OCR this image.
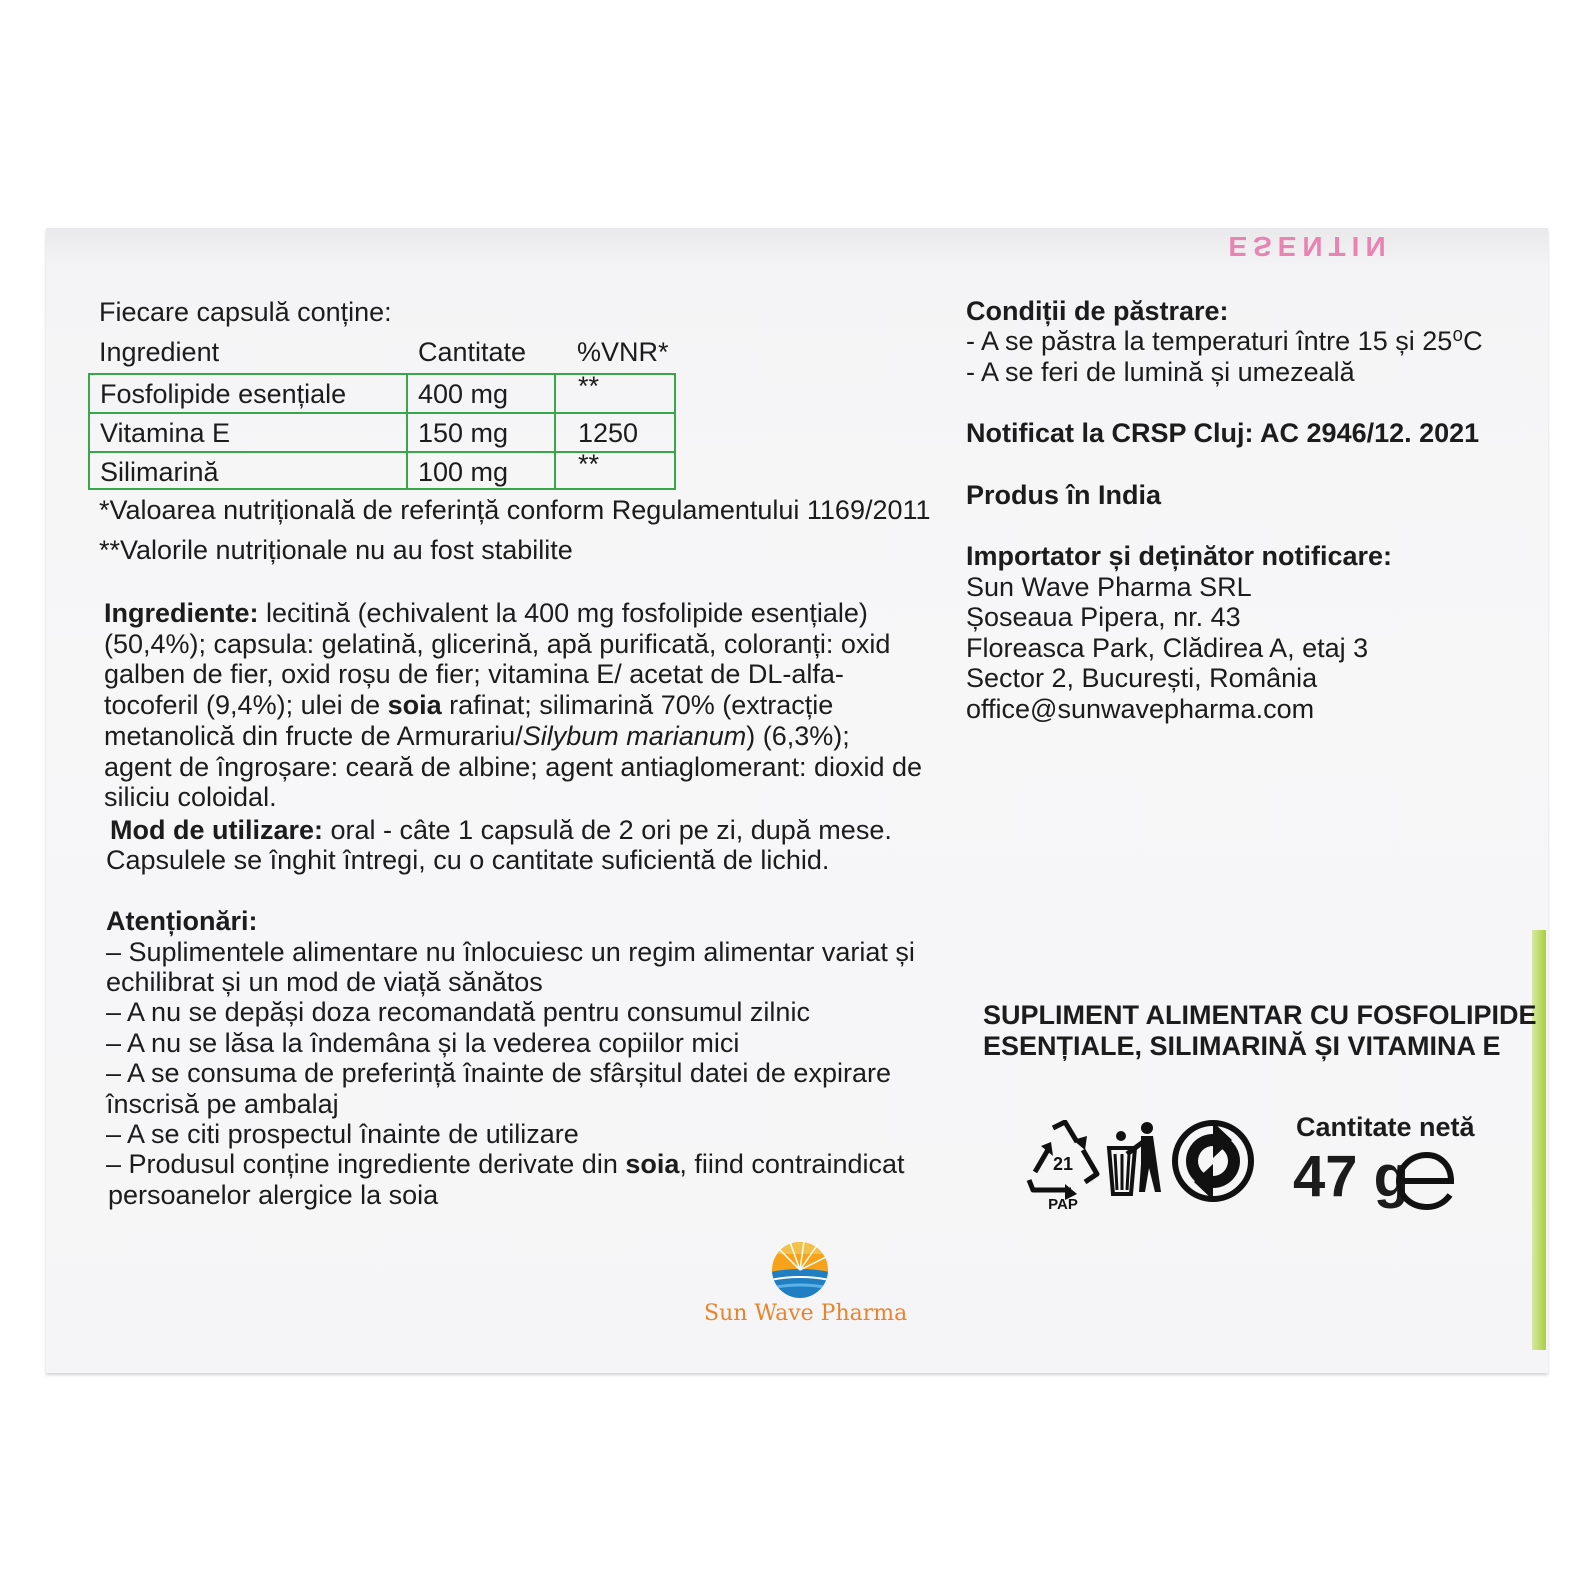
ESENTIN
Fiecare capsulă conține:
Ingredient	Cantitate %VNR*
Fosfolipide esențiale	400 mg	**
Vitamina E	150 mg	1250
Silimarină	100 mg	**
*Valoarea nutrițională de referință conform Regulamentului 1169/2011
**Valorile nutriționale nu au fost stabilite
Ingrediente: lecitină (echivalent la 400 mg fosfolipide esențiale) (50,4%); capsula: gelatină, glicerină, apă purificată, coloranți: oxid galben de fier, oxid roșu de fier; vitamina E/ acetat de DL-alfa-tocoferil (9,4%); ulei de soia rafinat; silimarină 70% (extracție metanolică din fructe de Armurariu/Silybum marianum) (6,3%); agent de îngroșare: ceară de albine; agent antiaglomerant: dioxid de siliciu coloidal.
Mod de utilizare: oral - câte 1 capsulă de 2 ori pe zi, după mese.
Capsulele se înghit întregi, cu o cantitate suficientă de lichid.
Atenționări:
– Suplimentele alimentare nu înlocuiesc un regim alimentar variat și
echilibrat și un mod de viață sănătos
– A nu se depăși doza recomandată pentru consumul zilnic
– A nu se lăsa la îndemâna și la vederea copiilor mici
– A se consuma de preferință înainte de sfârșitul datei de expirare
înscrisă pe ambalaj
– A se citi prospectul înainte de utilizare
– Produsul conține ingrediente derivate din soia, fiind contraindicat
persoanelor alergice la soia
Condiții de păstrare:
- A se păstra la temperaturi între 15 și 25⁰C
- A se feri de lumină și umezeală
Notificat la CRSP Cluj: AC 2946/12. 2021
Produs în India
Importator și deținător notificare:
Sun Wave Pharma SRL
Șoseaua Pipera, nr. 43
Floreasca Park, Clădirea A, etaj 3
Sector 2, București, România
office@sunwavepharma.com
SUPLIMENT ALIMENTAR CU FOSFOLIPIDE
ESENȚIALE, SILIMARINĂ ȘI VITAMINA E
21
PAP
Cantitate netă
47 g
Sun Wave Pharma
